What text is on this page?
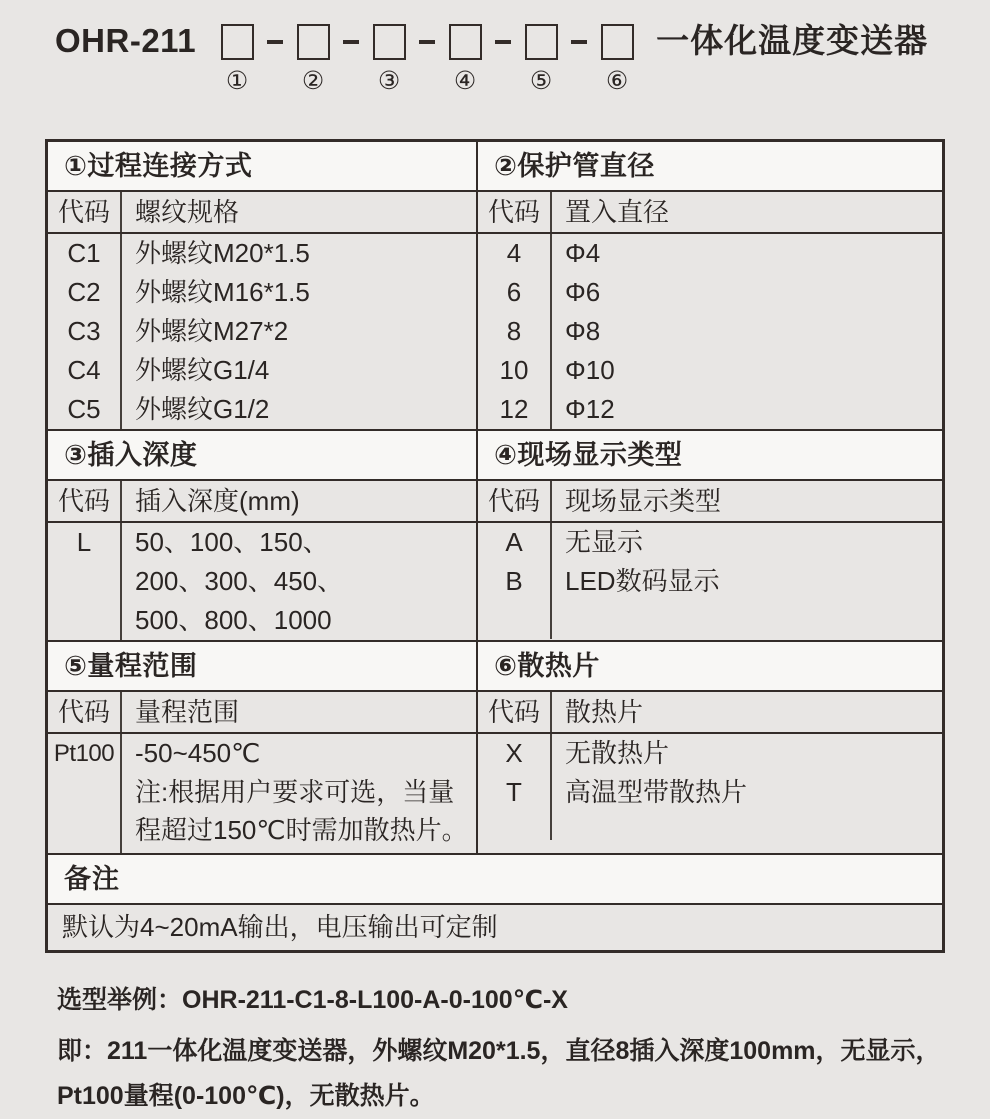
OHR-211
① ② ③ ④ ⑤ ⑥
一体化温度变送器
①过程连接方式
代码 螺纹规格
C1
C2
C3
C4
C5
外螺纹M20*1.5
外螺纹M16*1.5
外螺纹M27*2
外螺纹G1/4
外螺纹G1/2
②保护管直径
代码 置入直径
4
6
8
10
12
Φ4
Φ6
Φ8
Φ10
Φ12
③插入深度
代码 插入深度(mm)
L	50、100、150、
200、300、450、
500、800、1000
④现场显示类型
代码 现场显示类型
A
B
无显示
LED数码显示
⑤量程范围
代码 量程范围
Pt100 -50~450℃
注:根据用户要求可选，当量程超过150℃时需加散热片。
⑥散热片
代码 散热片
X
T
无散热片
高温型带散热片
备注
默认为4~20mA输出，电压输出可定制
选型举例：OHR-211-C1-8-L100-A-0-100℃-X
即：211一体化温度变送器，外螺纹M20*1.5，直径8插入深度100mm，无显示，Pt100量程(0-100℃)，无散热片。
